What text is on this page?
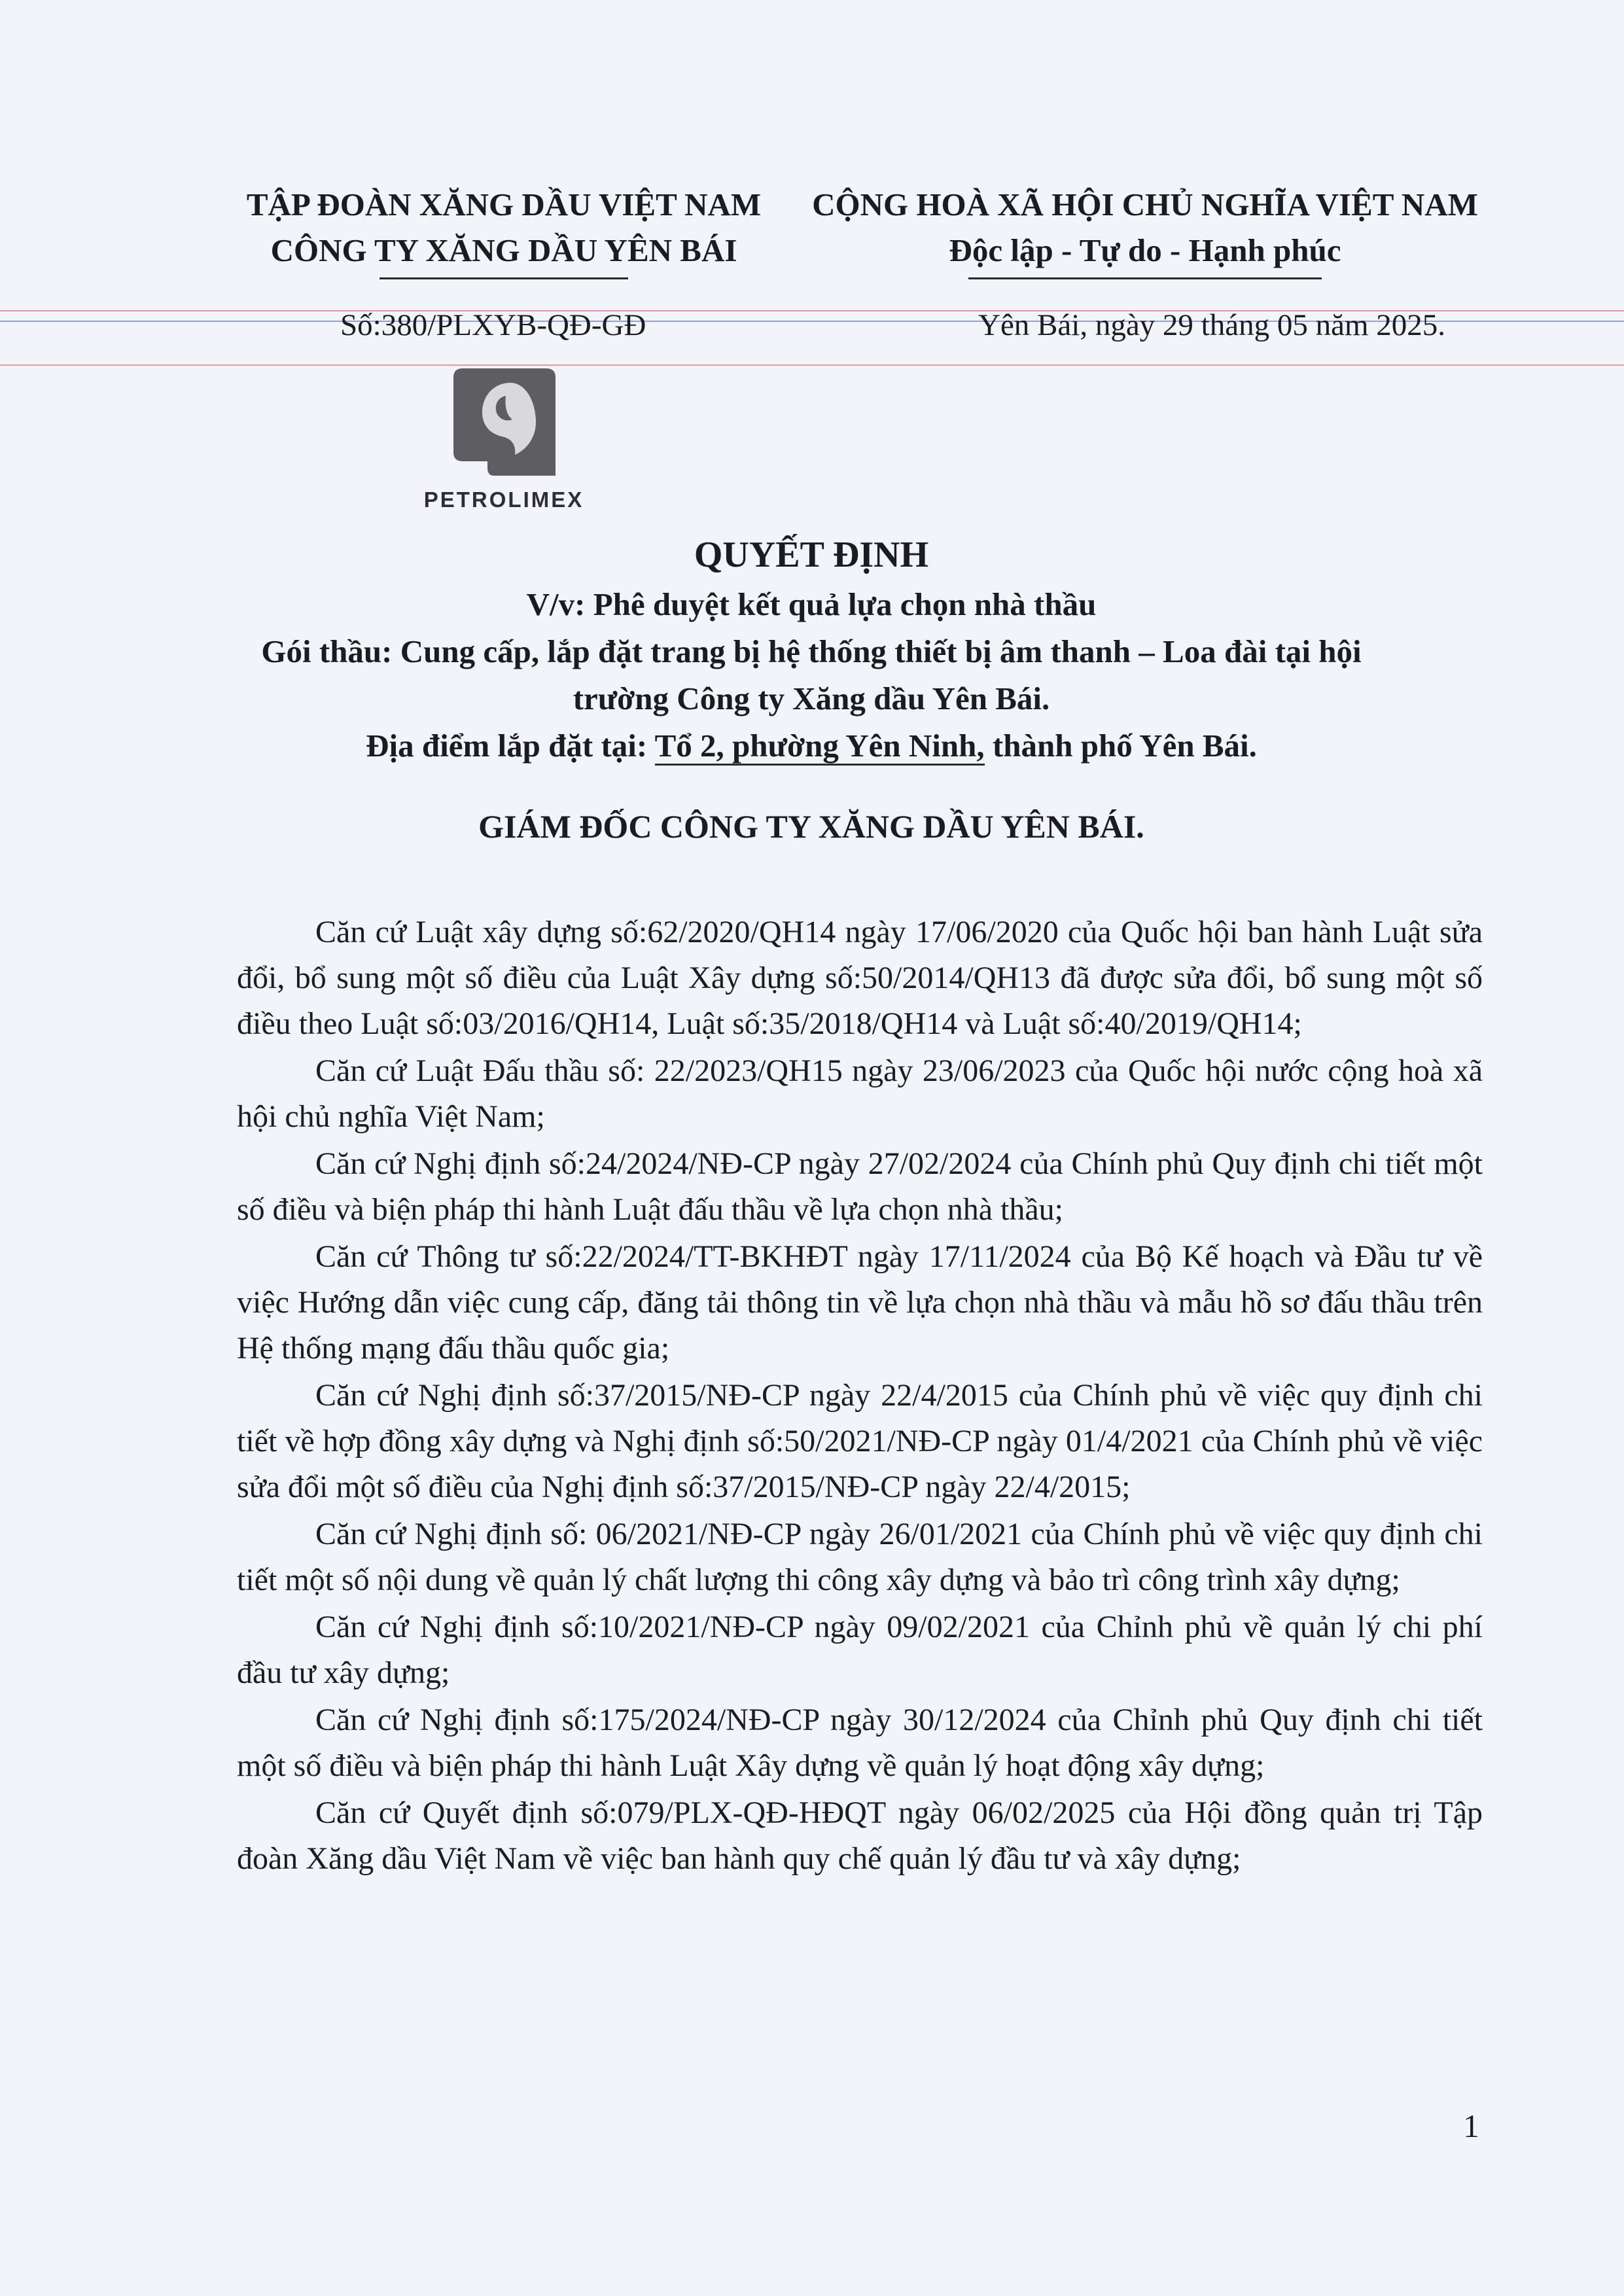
TẬP ĐOÀN XĂNG DẦU VIỆT NAM

CÔNG TY XĂNG DẦU YÊN BÁI

CỘNG HOÀ XÃ HỘI CHỦ NGHĨA VIỆT NAM

Độc lập - Tự do - Hạnh phúc

Số:380/PLXYB-QĐ-GĐ	Yên Bái, ngày 29 tháng 05 năm 2025.
PETROLIMEX

QUYẾT ĐỊNH

V/v: Phê duyệt kết quả lựa chọn nhà thầu

Gói thầu: Cung cấp, lắp đặt trang bị hệ thống thiết bị âm thanh – Loa đài tại hội

trường Công ty Xăng dầu Yên Bái.

Địa điểm lắp đặt tại: Tổ 2, phường Yên Ninh, thành phố Yên Bái.

GIÁM ĐỐC CÔNG TY XĂNG DẦU YÊN BÁI.

Căn cứ Luật xây dựng số:62/2020/QH14 ngày 17/06/2020 của Quốc hội ban hành Luật sửa đổi, bổ sung một số điều của Luật Xây dựng số:50/2014/QH13 đã được sửa đổi, bổ sung một số điều theo Luật số:03/2016/QH14, Luật số:35/2018/QH14 và Luật số:40/2019/QH14;

Căn cứ Luật Đấu thầu số: 22/2023/QH15 ngày 23/06/2023 của Quốc hội nước cộng hoà xã hội chủ nghĩa Việt Nam;

Căn cứ Nghị định số:24/2024/NĐ-CP ngày 27/02/2024 của Chính phủ Quy định chi tiết một số điều và biện pháp thi hành Luật đấu thầu về lựa chọn nhà thầu;

Căn cứ Thông tư số:22/2024/TT-BKHĐT ngày 17/11/2024 của Bộ Kế hoạch và Đầu tư về việc Hướng dẫn việc cung cấp, đăng tải thông tin về lựa chọn nhà thầu và mẫu hồ sơ đấu thầu trên Hệ thống mạng đấu thầu quốc gia;

Căn cứ Nghị định số:37/2015/NĐ-CP ngày 22/4/2015 của Chính phủ về việc quy định chi tiết về hợp đồng xây dựng và Nghị định số:50/2021/NĐ-CP ngày 01/4/2021 của Chính phủ về việc sửa đổi một số điều của Nghị định số:37/2015/NĐ-CP ngày 22/4/2015;

Căn cứ Nghị định số: 06/2021/NĐ-CP ngày 26/01/2021 của Chính phủ về việc quy định chi tiết một số nội dung về quản lý chất lượng thi công xây dựng và bảo trì công trình xây dựng;

Căn cứ Nghị định số:10/2021/NĐ-CP ngày 09/02/2021 của Chỉnh phủ về quản lý chi phí đầu tư xây dựng;

Căn cứ Nghị định số:175/2024/NĐ-CP ngày 30/12/2024 của Chỉnh phủ Quy định chi tiết một số điều và biện pháp thi hành Luật Xây dựng về quản lý hoạt động xây dựng;

Căn cứ Quyết định số:079/PLX-QĐ-HĐQT ngày 06/02/2025 của Hội đồng quản trị Tập đoàn Xăng dầu Việt Nam về việc ban hành quy chế quản lý đầu tư và xây dựng;

1
